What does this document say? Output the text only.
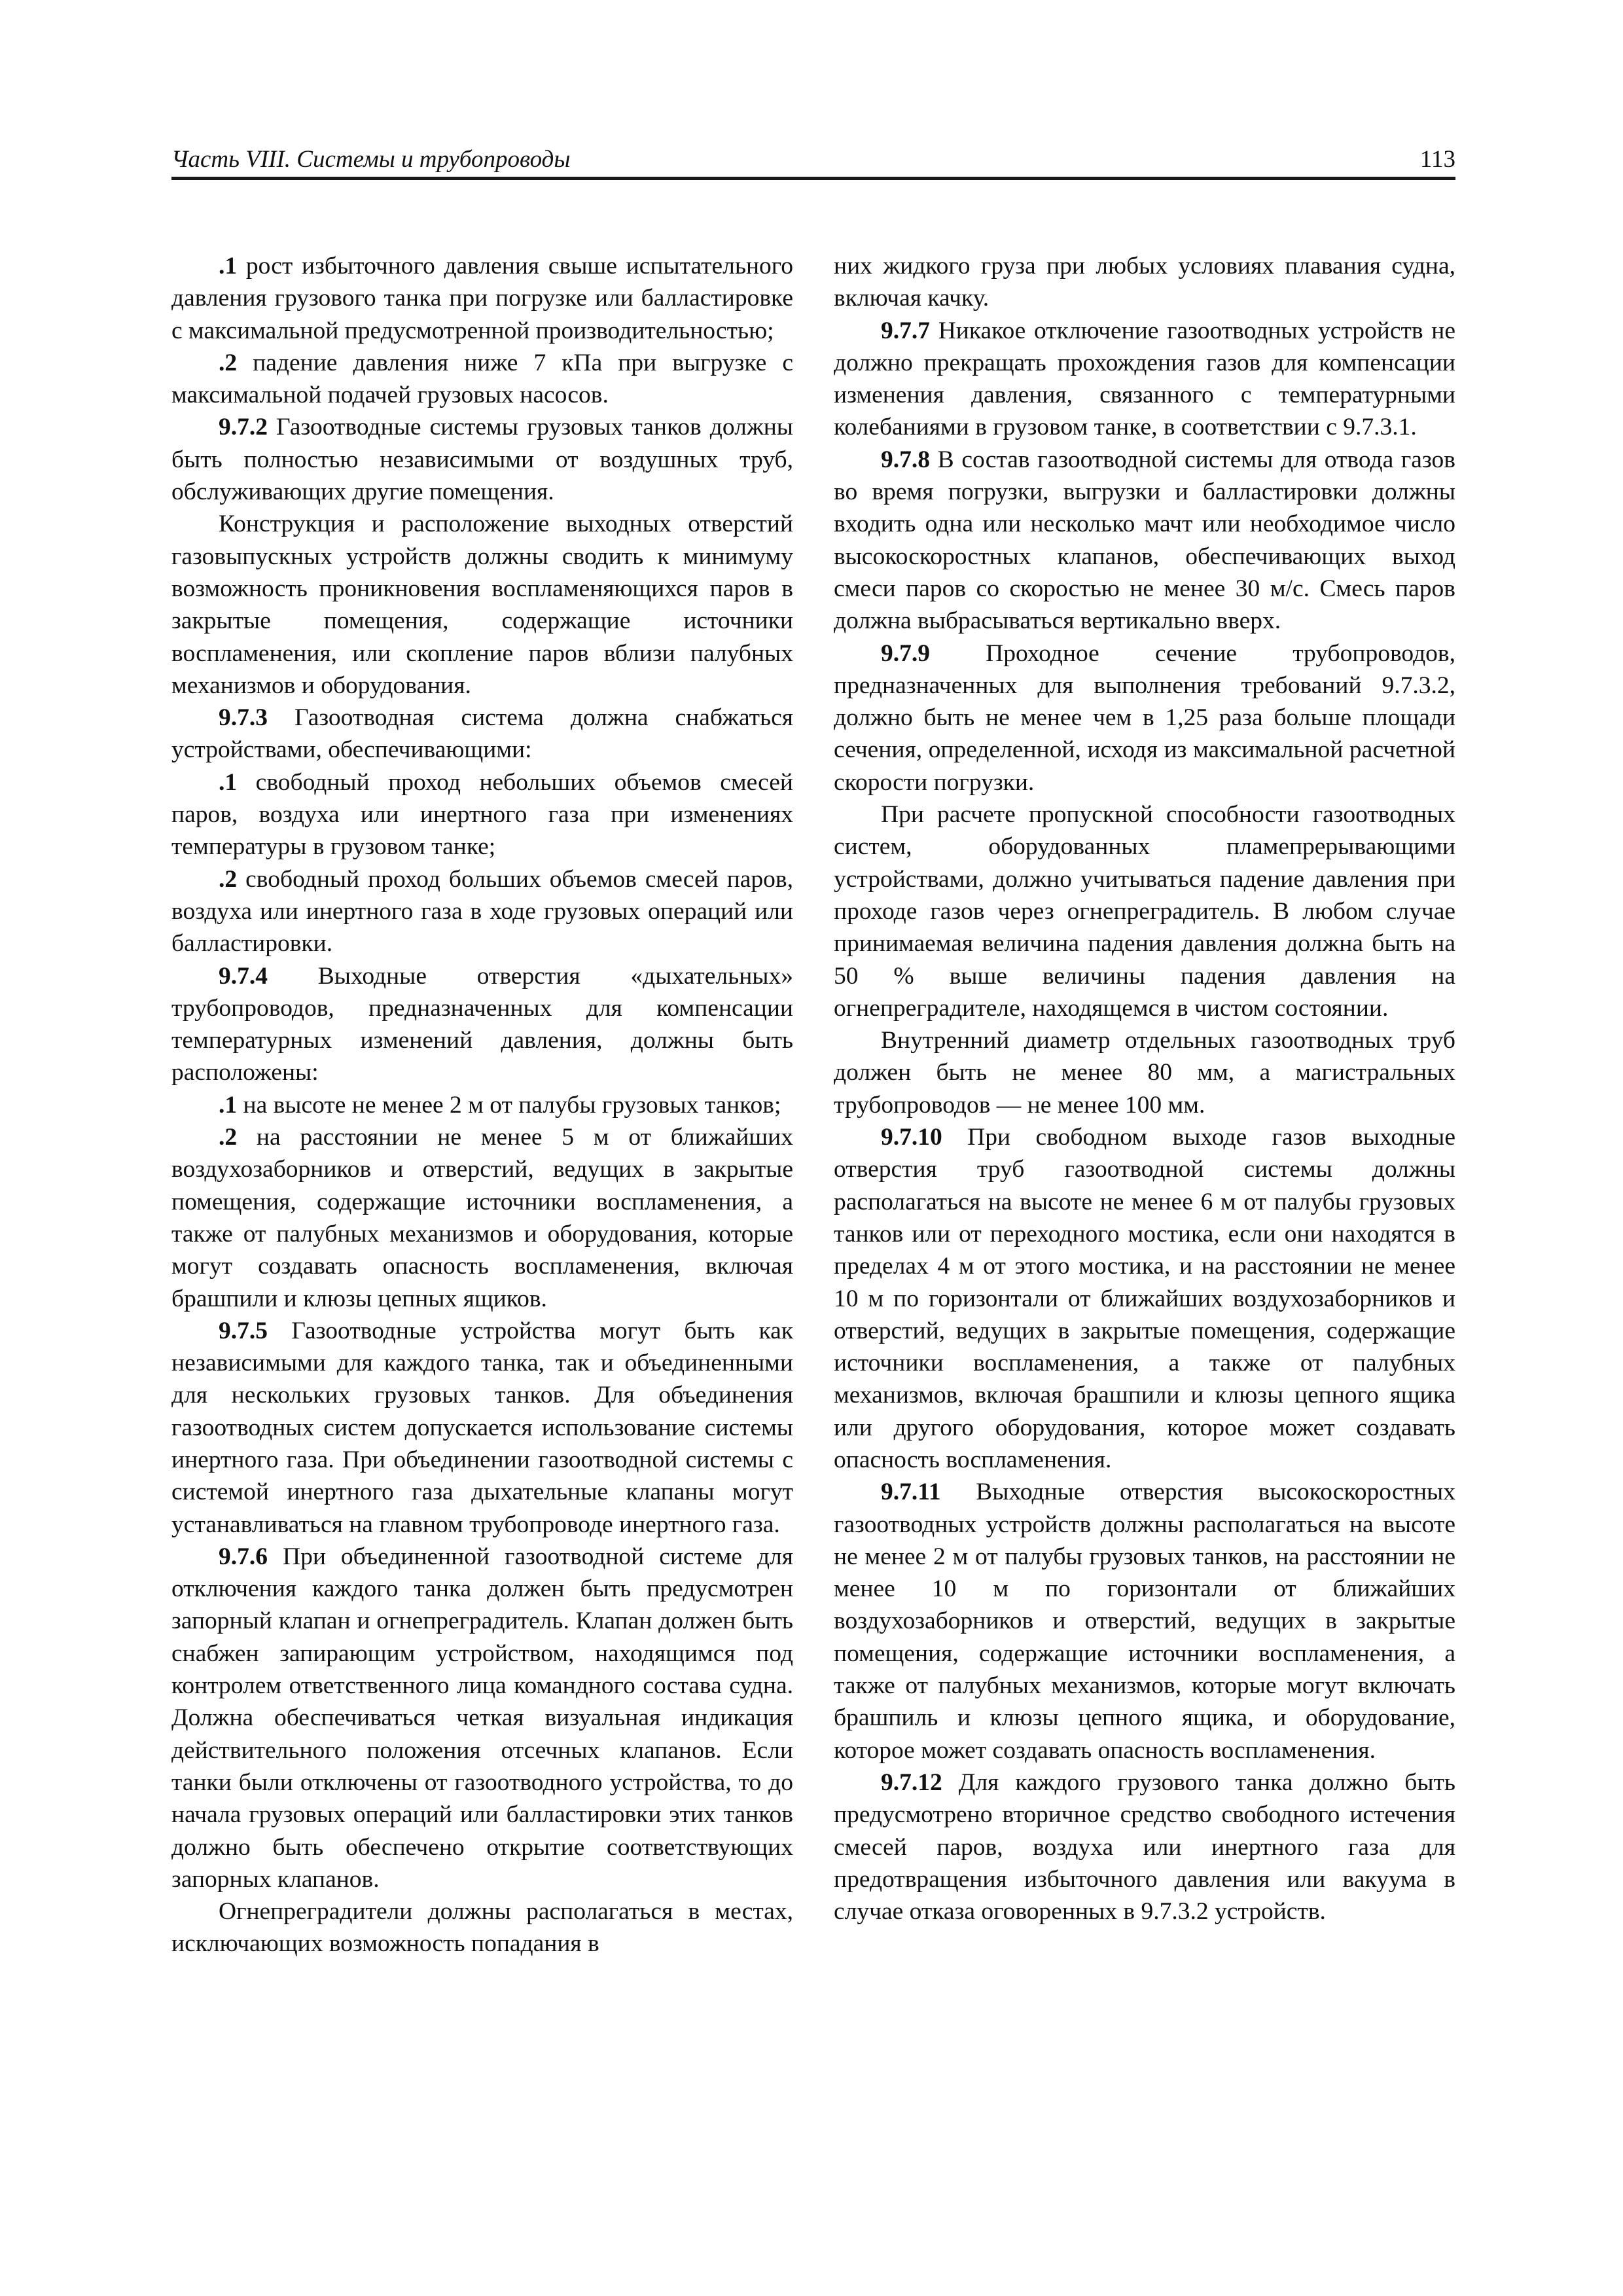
Часть VIII. Системы и трубопроводы	113

.1 рост избыточного давления свыше испытательного давления грузового танка при погрузке или балластировке с максимальной предусмотренной производительностью;

.2 падение давления ниже 7 кПа при выгрузке с максимальной подачей грузовых насосов.

9.7.2 Газоотводные системы грузовых танков должны быть полностью независимыми от воздушных труб, обслуживающих другие помещения.

Конструкция и расположение выходных отверстий газовыпускных устройств должны сводить к минимуму возможность проникновения воспламеняющихся паров в закрытые помещения, содержащие источники воспламенения, или скопление паров вблизи палубных механизмов и оборудования.

9.7.3 Газоотводная система должна снабжаться устройствами, обеспечивающими:

.1 свободный проход небольших объемов смесей паров, воздуха или инертного газа при изменениях температуры в грузовом танке;

.2 свободный проход больших объемов смесей паров, воздуха или инертного газа в ходе грузовых операций или балластировки.

9.7.4 Выходные отверстия «дыхательных» трубопроводов, предназначенных для компенсации температурных изменений давления, должны быть расположены:

.1 на высоте не менее 2 м от палубы грузовых танков;

.2 на расстоянии не менее 5 м от ближайших воздухозаборников и отверстий, ведущих в закрытые помещения, содержащие источники воспламенения, а также от палубных механизмов и оборудования, которые могут создавать опасность воспламенения, включая брашпили и клюзы цепных ящиков.

9.7.5 Газоотводные устройства могут быть как независимыми для каждого танка, так и объединенными для нескольких грузовых танков. Для объединения газоотводных систем допускается использование системы инертного газа. При объединении газоотводной системы с системой инертного газа дыхательные клапаны могут устанавливаться на главном трубопроводе инертного газа.

9.7.6 При объединенной газоотводной системе для отключения каждого танка должен быть предусмотрен запорный клапан и огнепреградитель. Клапан должен быть снабжен запирающим устройством, находящимся под контролем ответственного лица командного состава судна. Должна обеспечиваться четкая визуальная индикация действительного положения отсечных клапанов. Если танки были отключены от газоотводного устройства, то до начала грузовых операций или балластировки этих танков должно быть обеспечено открытие соответствующих запорных клапанов.

Огнепреградители должны располагаться в местах, исключающих возможность попадания в

них жидкого груза при любых условиях плавания судна, включая качку.

9.7.7 Никакое отключение газоотводных устройств не должно прекращать прохождения газов для компенсации изменения давления, связанного с температурными колебаниями в грузовом танке, в соответствии с 9.7.3.1.

9.7.8 В состав газоотводной системы для отвода газов во время погрузки, выгрузки и балластировки должны входить одна или несколько мачт или необходимое число высокоскоростных клапанов, обеспечивающих выход смеси паров со скоростью не менее 30 м/с. Смесь паров должна выбрасываться вертикально вверх.

9.7.9 Проходное сечение трубопроводов, предназначенных для выполнения требований 9.7.3.2, должно быть не менее чем в 1,25 раза больше площади сечения, определенной, исходя из максимальной расчетной скорости погрузки.

При расчете пропускной способности газоотводных систем, оборудованных пламепрерывающими устройствами, должно учитываться падение давления при проходе газов через огнепреградитель. В любом случае принимаемая величина падения давления должна быть на 50 % выше величины падения давления на огнепреградителе, находящемся в чистом состоянии.

Внутренний диаметр отдельных газоотводных труб должен быть не менее 80 мм, а магистральных трубопроводов — не менее 100 мм.

9.7.10 При свободном выходе газов выходные отверстия труб газоотводной системы должны располагаться на высоте не менее 6 м от палубы грузовых танков или от переходного мостика, если они находятся в пределах 4 м от этого мостика, и на расстоянии не менее 10 м по горизонтали от ближайших воздухозаборников и отверстий, ведущих в закрытые помещения, содержащие источники воспламенения, а также от палубных механизмов, включая брашпили и клюзы цепного ящика или другого оборудования, которое может создавать опасность воспламенения.

9.7.11 Выходные отверстия высокоскоростных газоотводных устройств должны располагаться на высоте не менее 2 м от палубы грузовых танков, на расстоянии не менее 10 м по горизонтали от ближайших воздухозаборников и отверстий, ведущих в закрытые помещения, содержащие источники воспламенения, а также от палубных механизмов, которые могут включать брашпиль и клюзы цепного ящика, и оборудование, которое может создавать опасность воспламенения.

9.7.12 Для каждого грузового танка должно быть предусмотрено вторичное средство свободного истечения смесей паров, воздуха или инертного газа для предотвращения избыточного давления или вакуума в случае отказа оговоренных в 9.7.3.2 устройств.
